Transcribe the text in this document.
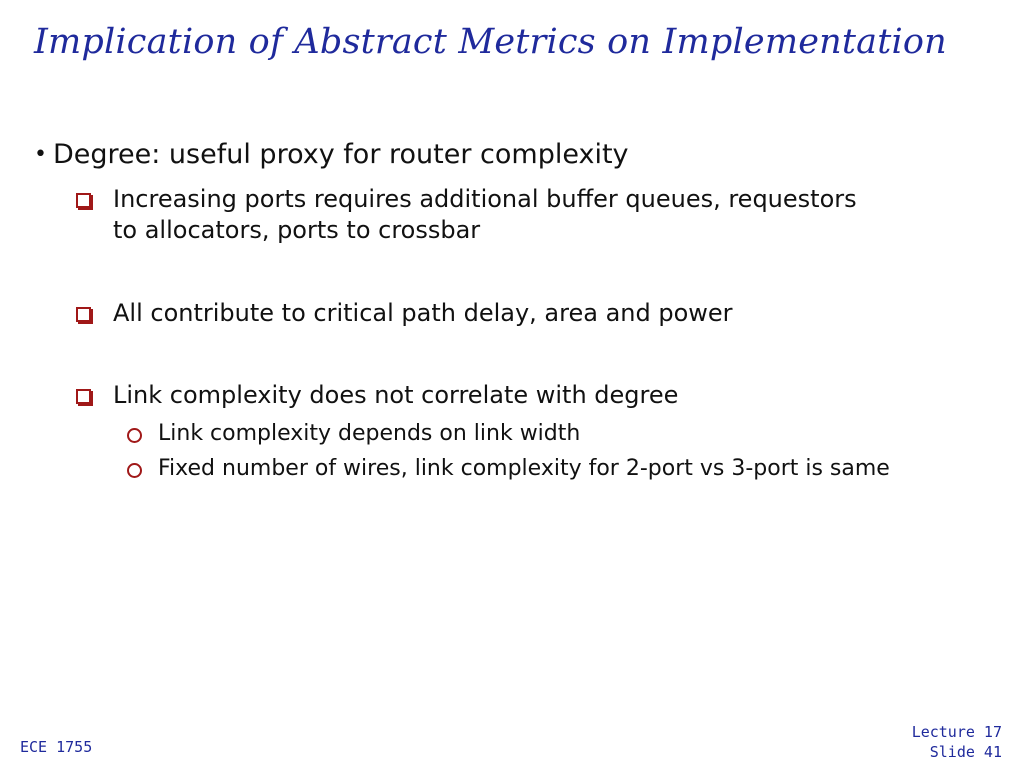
Implication of Abstract Metrics on Implementation
• Degree: useful proxy for router complexity
Increasing ports requires additional buffer queues, requestors
to allocators, ports to crossbar
All contribute to critical path delay, area and power
Link complexity does not correlate with degree
Link complexity depends on link width
Fixed number of wires, link complexity for 2-port vs 3-port is same
ECE 1755
Lecture 17
Slide 41
